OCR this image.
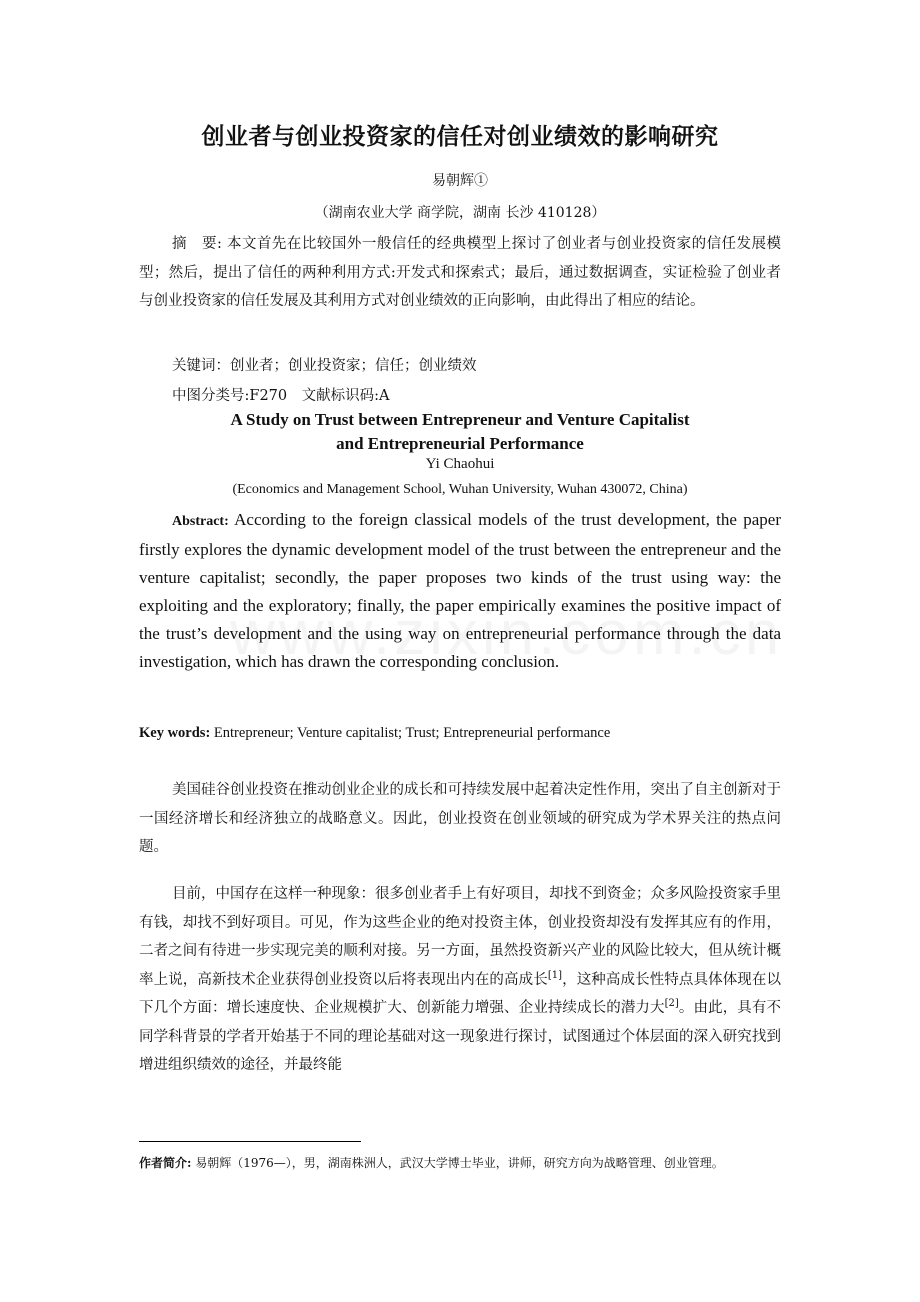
创业者与创业投资家的信任对创业绩效的影响研究
易朝辉①
（湖南农业大学 商学院，湖南 长沙 410128）

摘　要: 本文首先在比较国外一般信任的经典模型上探讨了创业者与创业投资家的信任发展模型；然后，提出了信任的两种利用方式:开发式和探索式；最后，通过数据调查，实证检验了创业者与创业投资家的信任发展及其利用方式对创业绩效的正向影响，由此得出了相应的结论。

关键词：创业者；创业投资家；信任；创业绩效

中图分类号:F270　文献标识码:A

A Study on Trust between Entrepreneur and Venture Capitalist
and Entrepreneurial Performance
Yi Chaohui
(Economics and Management School, Wuhan University, Wuhan 430072, China)

Abstract: According to the foreign classical models of the trust development, the paper firstly explores the dynamic development model of the trust between the entrepreneur and the venture capitalist; secondly, the paper proposes two kinds of the trust using way: the exploiting and the exploratory; finally, the paper empirically examines the positive impact of the trust’s development and the using way on entrepreneurial performance through the data investigation, which has drawn the corresponding conclusion.

Key words: Entrepreneur; Venture capitalist; Trust; Entrepreneurial performance

美国硅谷创业投资在推动创业企业的成长和可持续发展中起着决定性作用，突出了自主创新对于一国经济增长和经济独立的战略意义。因此，创业投资在创业领域的研究成为学术界关注的热点问题。

目前，中国存在这样一种现象：很多创业者手上有好项目，却找不到资金；众多风险投资家手里有钱，却找不到好项目。可见，作为这些企业的绝对投资主体，创业投资却没有发挥其应有的作用，二者之间有待进一步实现完美的顺利对接。另一方面，虽然投资新兴产业的风险比较大，但从统计概率上说，高新技术企业获得创业投资以后将表现出内在的高成长[1]，这种高成长性特点具体体现在以下几个方面：增长速度快、企业规模扩大、创新能力增强、企业持续成长的潜力大[2]。由此，具有不同学科背景的学者开始基于不同的理论基础对这一现象进行探讨，试图通过个体层面的深入研究找到增进组织绩效的途径，并最终能

作者简介: 易朝辉（1976—），男，湖南株洲人，武汉大学博士毕业，讲师，研究方向为战略管理、创业管理。
